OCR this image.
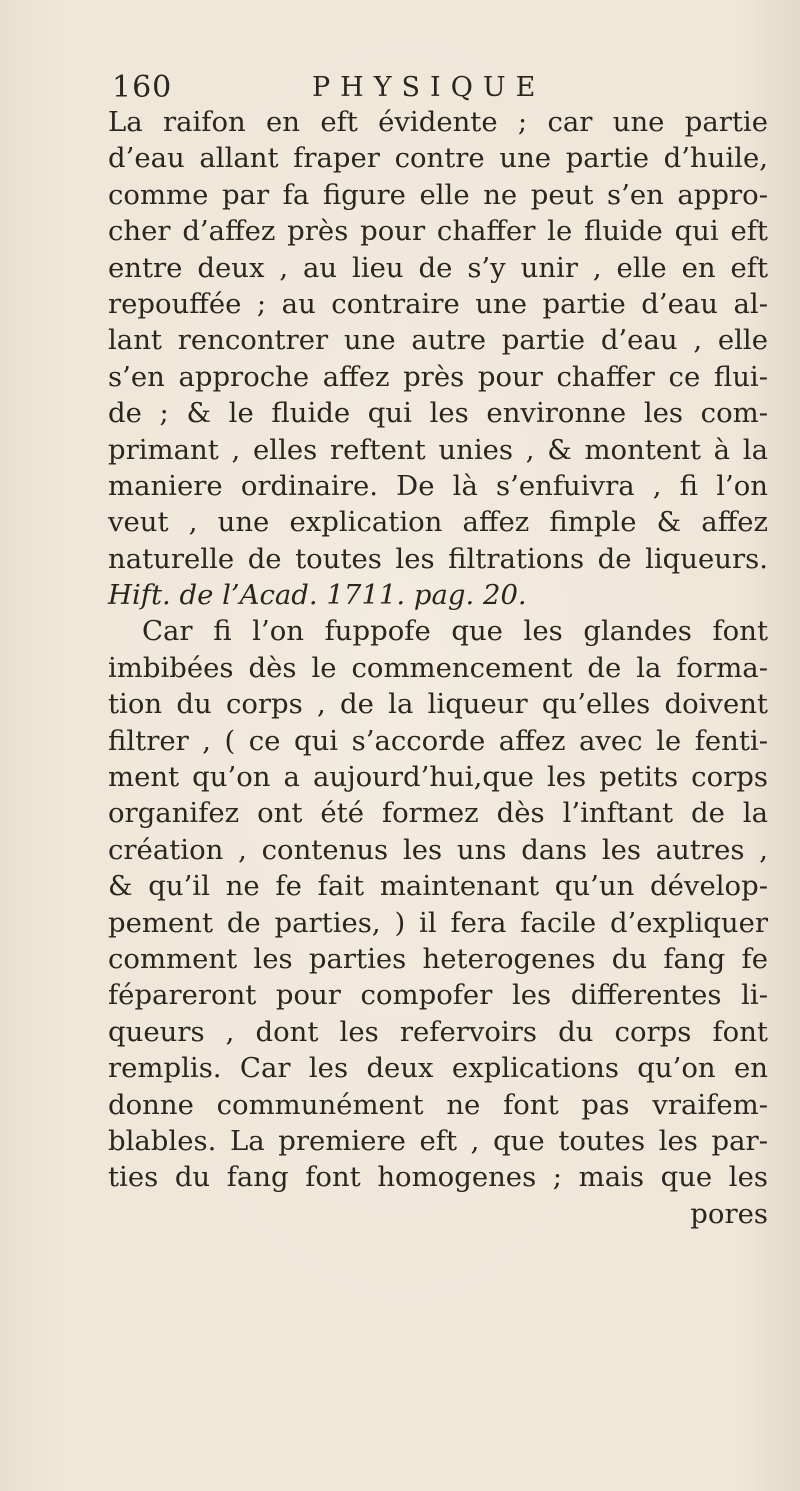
160	PHYSIQUE
La raifon en eft évidente ; car une partie
d’eau allant fraper contre une partie d’huile,
comme par fa figure elle ne peut s’en appro-
cher d’affez près pour chaffer le fluide qui eft
entre deux , au lieu de s’y unir , elle en eft
repouffée ; au contraire une partie d’eau al-
lant rencontrer une autre partie d’eau , elle
s’en approche affez près pour chaffer ce flui-
de ; & le fluide qui les environne les com-
primant , elles reftent unies , & montent à la
maniere ordinaire. De là s’enfuivra , fi l’on
veut , une explication affez fimple & affez
naturelle de toutes les filtrations de liqueurs.
Hift. de l’Acad. 1711. pag. 20.
Car fi l’on fuppofe que les glandes font
imbibées dès le commencement de la forma-
tion du corps , de la liqueur qu’elles doivent
filtrer , ( ce qui s’accorde affez avec le fenti-
ment qu’on a aujourd’hui,que les petits corps
organifez ont été formez dès l’inftant de la
création , contenus les uns dans les autres ,
& qu’il ne fe fait maintenant qu’un dévelop-
pement de parties, ) il fera facile d’expliquer
comment les parties heterogenes du fang fe
fépareront pour compofer les differentes li-
queurs , dont les refervoirs du corps font
remplis. Car les deux explications qu’on en
donne communément ne font pas vraifem-
blables. La premiere eft , que toutes les par-
ties du fang font homogenes ; mais que les
pores
